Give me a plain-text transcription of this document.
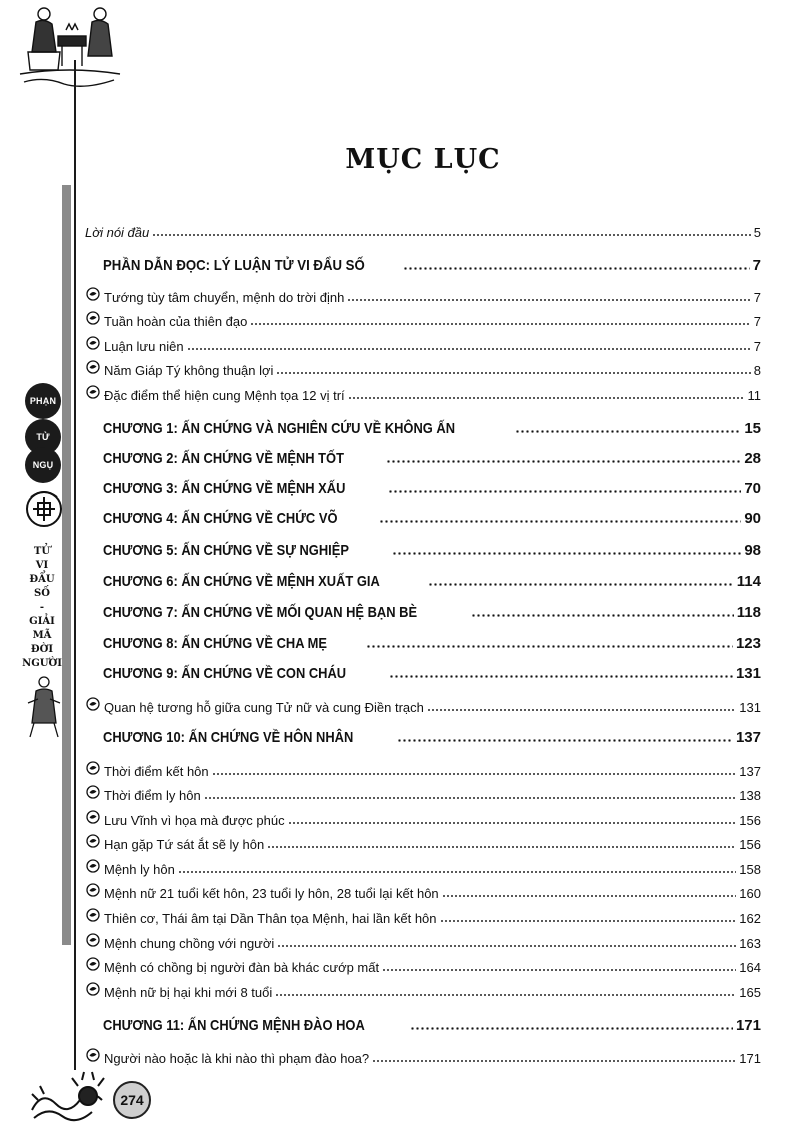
PHẠN
TỬ
NGỤ
TỬ
VI
ĐẨU
SỐ
-
GIẢI
MÃ
ĐỜI
NGƯỜI
274
MỤC LỤC
Lời nói đầu	5
PHẦN DẪN ĐỌC: LÝ LUẬN TỬ VI ĐẨU SỐ	7
Tướng tùy tâm chuyển, mệnh do trời định	7
Tuần hoàn của thiên đạo	7
Luận lưu niên	7
Năm Giáp Tý không thuận lợi	8
Đặc điểm thể hiện cung Mệnh tọa 12 vị trí	11
CHƯƠNG 1: ẤN CHỨNG VÀ NGHIÊN CỨU VỀ KHÔNG ẤN	15
CHƯƠNG 2: ẤN CHỨNG VỀ MỆNH TỐT	28
CHƯƠNG 3: ẤN CHỨNG VỀ MỆNH XẤU	70
CHƯƠNG 4: ẤN CHỨNG VỀ CHỨC VÕ	90
CHƯƠNG 5: ẤN CHỨNG VỀ SỰ NGHIỆP	98
CHƯƠNG 6: ẤN CHỨNG VỀ MỆNH XUẤT GIA	114
CHƯƠNG 7: ẤN CHỨNG VỀ MỐI QUAN HỆ BẠN BÈ	118
CHƯƠNG 8: ẤN CHỨNG VỀ CHA MẸ	123
CHƯƠNG 9: ẤN CHỨNG VỀ CON CHÁU	131
Quan hệ tương hỗ giữa cung Tử nữ và cung Điền trạch	131
CHƯƠNG 10: ẤN CHỨNG VỀ HÔN NHÂN	137
Thời điểm kết hôn	137
Thời điểm ly hôn	138
Lưu Vĩnh vì họa mà được phúc	156
Hạn gặp Tứ sát ắt sẽ ly hôn	156
Mệnh ly hôn	158
Mệnh nữ 21 tuổi kết hôn, 23 tuổi ly hôn, 28 tuổi lại kết hôn	160
Thiên cơ, Thái âm tại Dần Thân tọa Mệnh, hai lần kết hôn	162
Mệnh chung chồng với người	163
Mệnh có chồng bị người đàn bà khác cướp mất	164
Mệnh nữ bị hại khi mới 8 tuổi	165
CHƯƠNG 11: ẤN CHỨNG MỆNH ĐÀO HOA	171
Người nào hoặc là khi nào thì phạm đào hoa?	171
